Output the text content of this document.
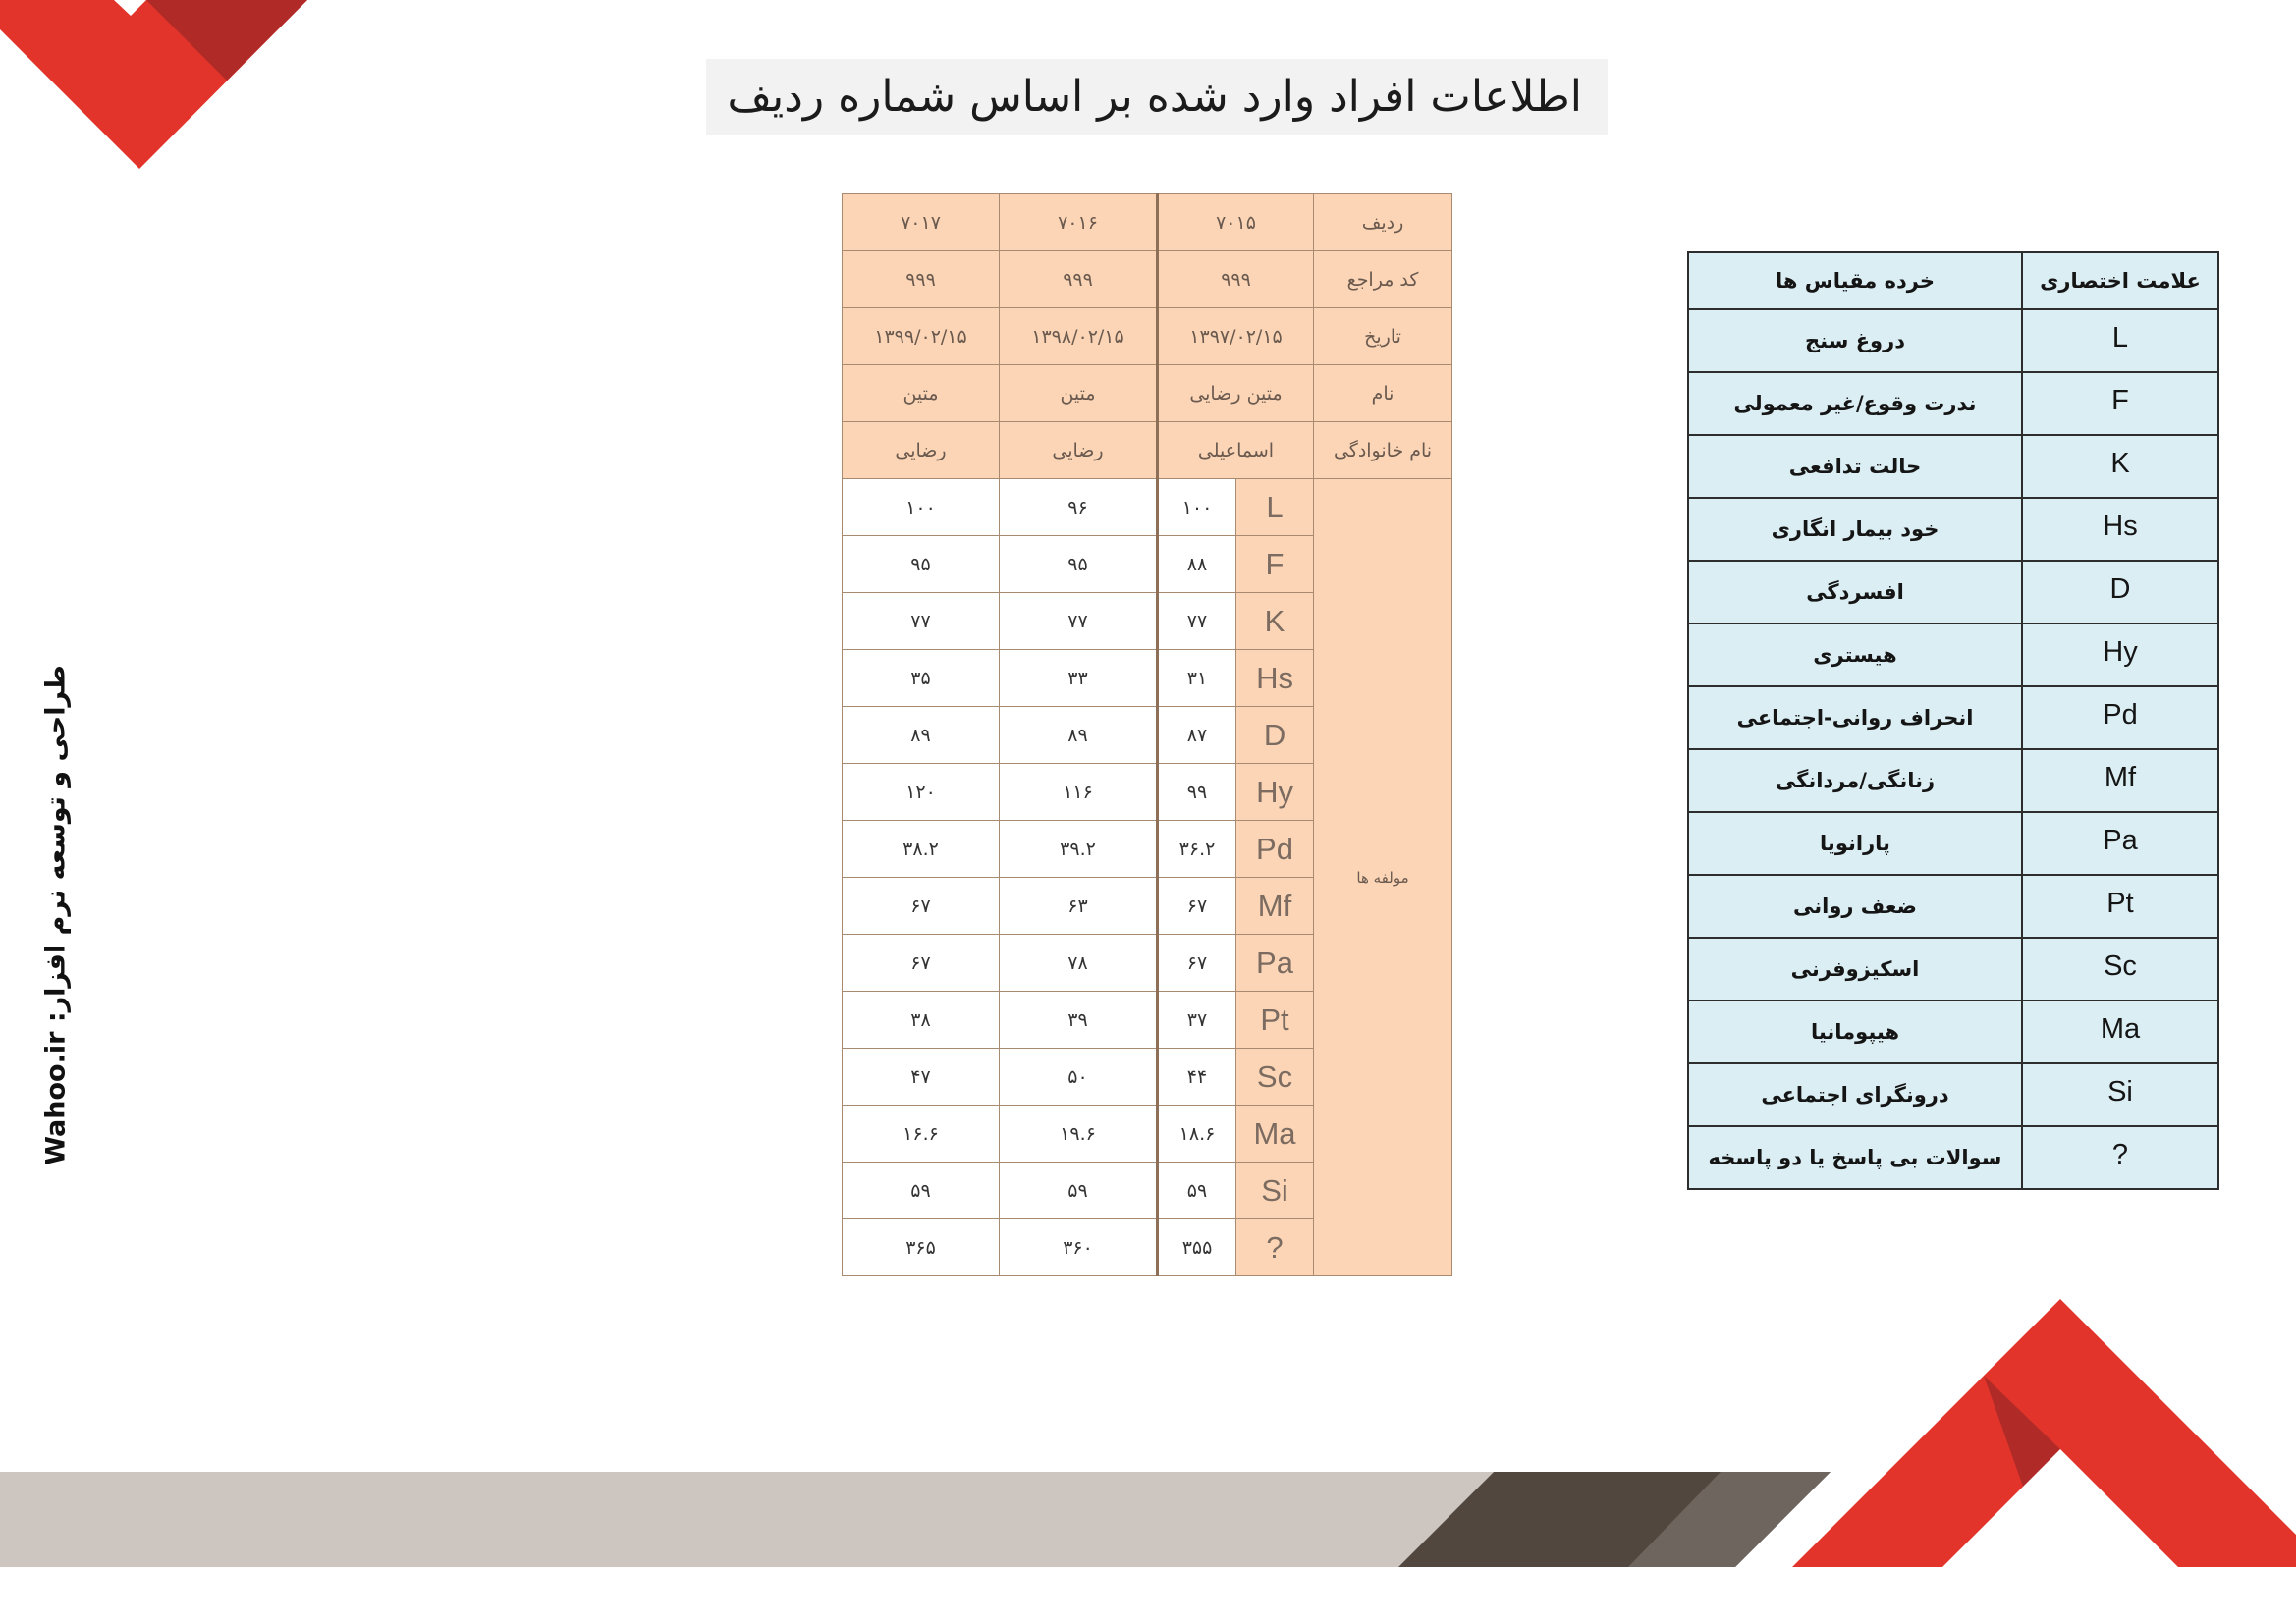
اطلاعات افراد وارد شده بر اساس شماره ردیف
طراحی و توسعه نرم افزار: Wahoo.ir
ردیف	۷۰۱۵		۷۰۱۶	۷۰۱۷
کد مراجع	۹۹۹		۹۹۹	۹۹۹
تاریخ	۱۳۹۷/۰۲/۱۵		۱۳۹۸/۰۲/۱۵	۱۳۹۹/۰۲/۱۵
نام	متین رضایی		متین	متین
نام خانوادگی	اسماعیلی		رضایی	رضایی
مولفه ها	L	۱۰۰	۹۶	۱۰۰
	F	۸۸	۹۵	۹۵
	K	۷۷	۷۷	۷۷
	Hs	۳۱	۳۳	۳۵
	D	۸۷	۸۹	۸۹
	Hy	۹۹	۱۱۶	۱۲۰
	Pd	۳۶.۲	۳۹.۲	۳۸.۲
	Mf	۶۷	۶۳	۶۷
	Pa	۶۷	۷۸	۶۷
	Pt	۳۷	۳۹	۳۸
	Sc	۴۴	۵۰	۴۷
	Ma	۱۸.۶	۱۹.۶	۱۶.۶
	Si	۵۹	۵۹	۵۹
	?	۳۵۵	۳۶۰	۳۶۵
علامت اختصاری	خرده مقیاس ها
L	دروغ سنج
F	ندرت وقوع/غیر معمولی
K	حالت تدافعی
Hs	خود بیمار انگاری
D	افسردگی
Hy	هیستری
Pd	انحراف روانی-اجتماعی
Mf	زنانگی/مردانگی
Pa	پارانویا
Pt	ضعف روانی
Sc	اسکیزوفرنی
Ma	هیپومانیا
Si	درونگرای اجتماعی
?	سوالات بی پاسخ یا دو پاسخه
